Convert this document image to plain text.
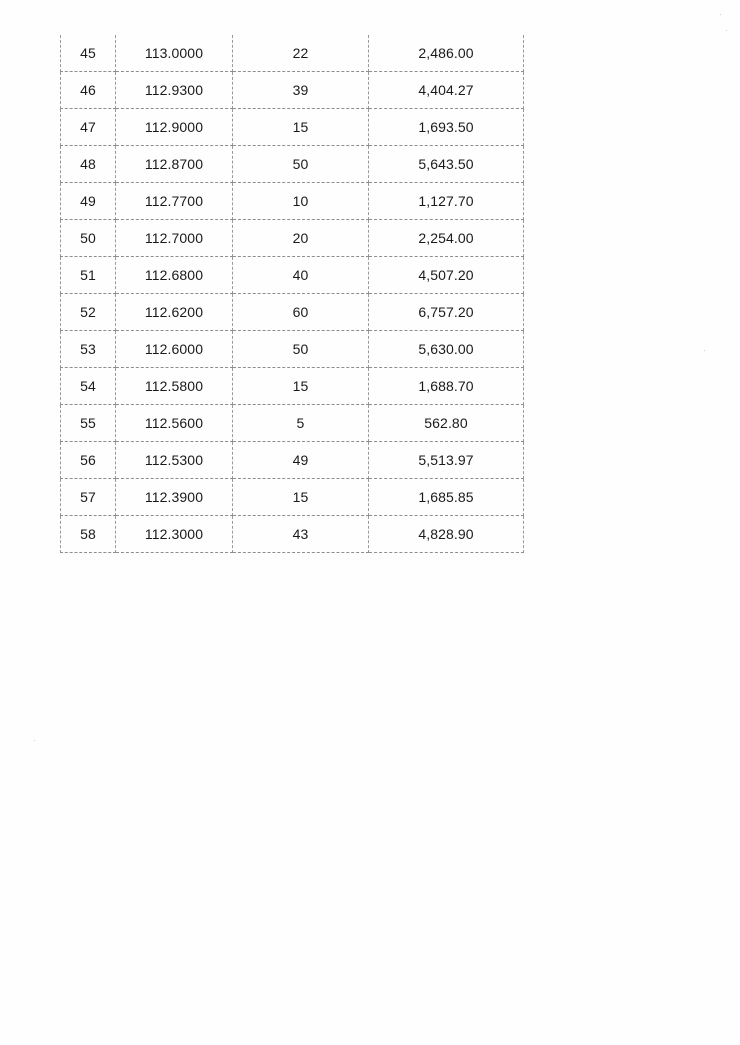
45	113.0000	22	2,486.00
46	112.9300	39	4,404.27
47	112.9000	15	1,693.50
48	112.8700	50	5,643.50
49	112.7700	10	1,127.70
50	112.7000	20	2,254.00
51	112.6800	40	4,507.20
52	112.6200	60	6,757.20
53	112.6000	50	5,630.00
54	112.5800	15	1,688.70
55	112.5600	5	562.80
56	112.5300	49	5,513.97
57	112.3900	15	1,685.85
58	112.3000	43	4,828.90
